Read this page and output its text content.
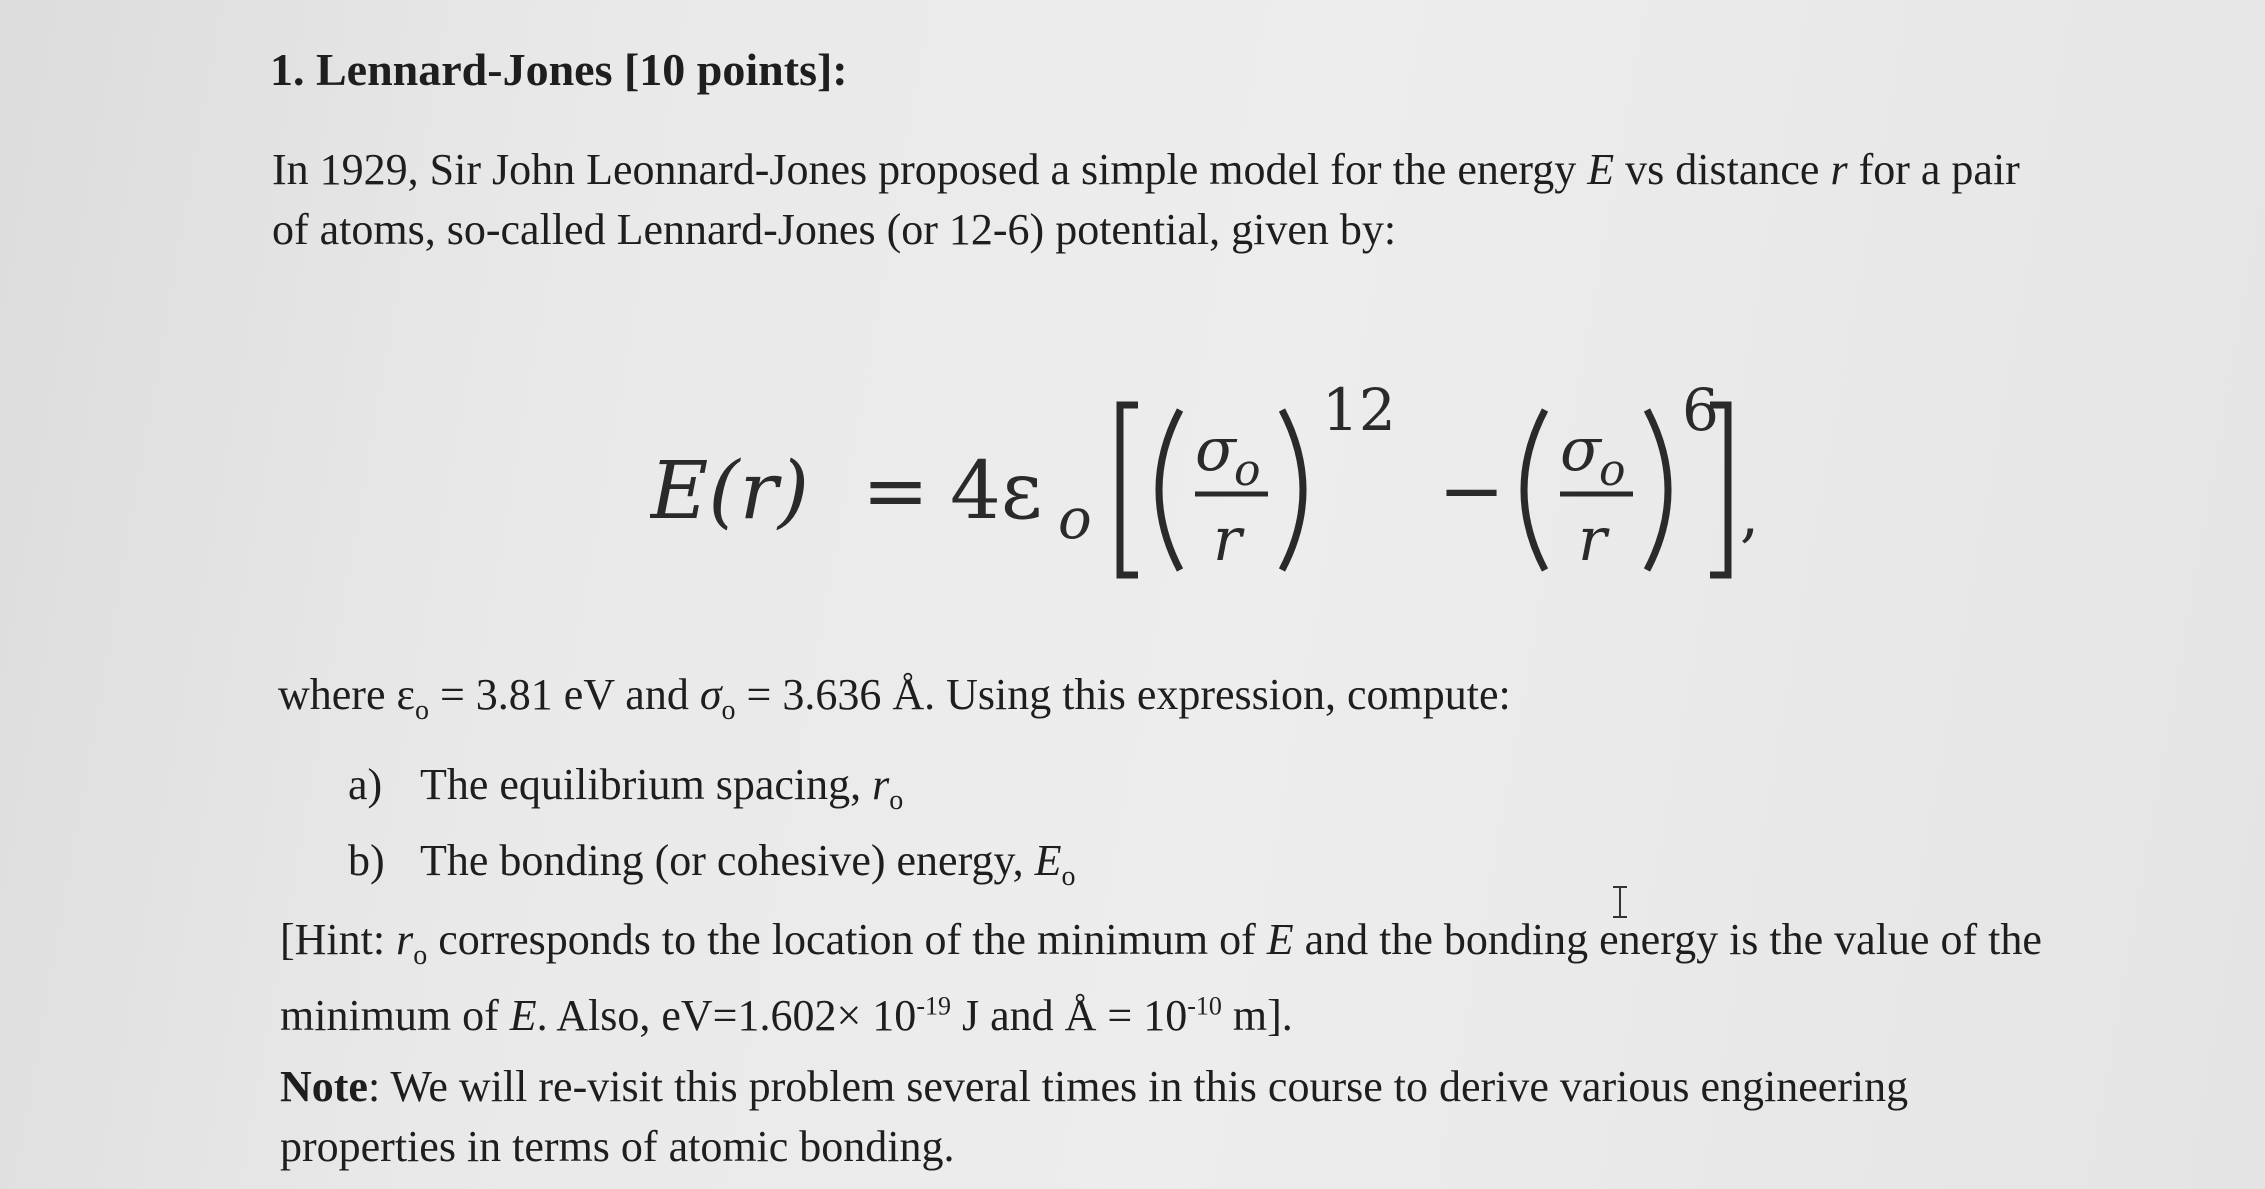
1. Lennard-Jones [10 points]:

In 1929, Sir John Leonnard-Jones proposed a simple model for the energy E vs distance r for a pair of atoms, so-called Lennard-Jones (or 12-6) potential, given by:

E(r) = 4ε o
σ
o
r
12
− σ
o
r
6
,

where $\varepsilon_o = 3.81$ eV and $\sigma_o = 3.636$ Å. Using this expression, compute:

a) The equilibrium spacing, $r_o$
b) The bonding (or cohesive) energy, $E_o$

[Hint: $r_o$ corresponds to the location of the minimum of E and the bonding energy is the value of the minimum of E. Also, $eV=1.602\times 10^{-19}$ J and Å = $10^{-10}$ m].

Note: We will re-visit this problem several times in this course to derive various engineering properties in terms of atomic bonding.
